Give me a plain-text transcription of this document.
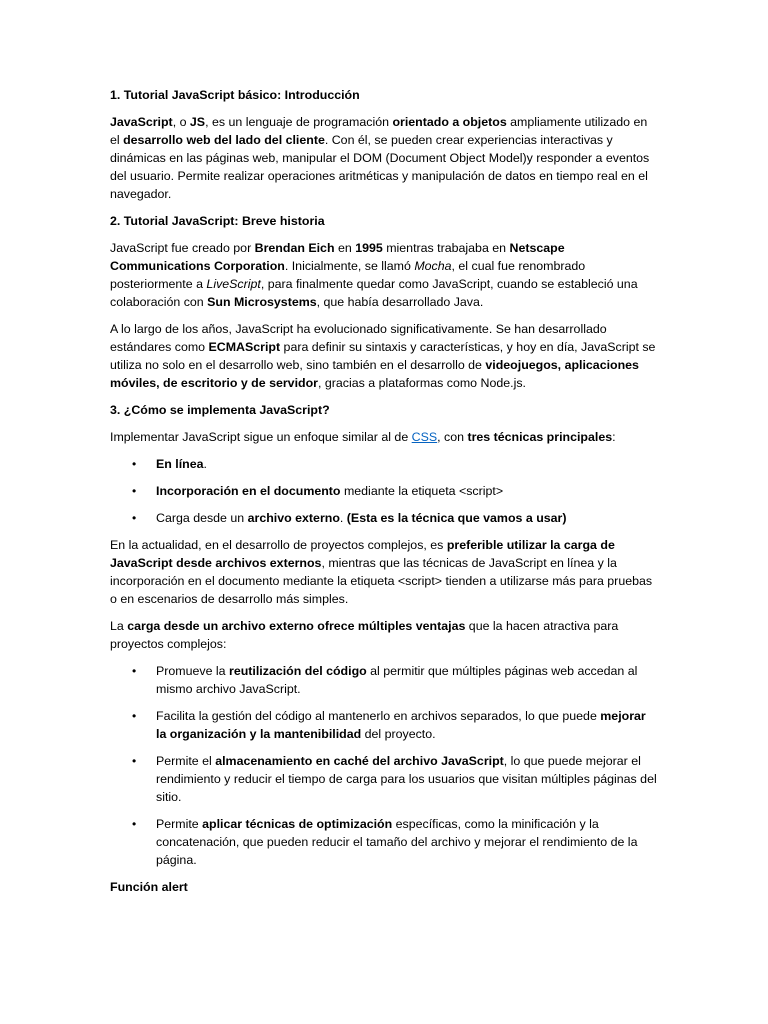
1. Tutorial JavaScript básico: Introducción
JavaScript, o JS, es un lenguaje de programación orientado a objetos ampliamente utilizado en el desarrollo web del lado del cliente. Con él, se pueden crear experiencias interactivas y dinámicas en las páginas web, manipular el DOM (Document Object Model)y responder a eventos del usuario. Permite realizar operaciones aritméticas y manipulación de datos en tiempo real en el navegador.
2. Tutorial JavaScript: Breve historia
JavaScript fue creado por Brendan Eich en 1995 mientras trabajaba en Netscape Communications Corporation. Inicialmente, se llamó Mocha, el cual fue renombrado posteriormente a LiveScript, para finalmente quedar como JavaScript, cuando se estableció una colaboración con Sun Microsystems, que había desarrollado Java.
A lo largo de los años, JavaScript ha evolucionado significativamente. Se han desarrollado estándares como ECMAScript para definir su sintaxis y características, y hoy en día, JavaScript se utiliza no solo en el desarrollo web, sino también en el desarrollo de videojuegos, aplicaciones móviles, de escritorio y de servidor, gracias a plataformas como Node.js.
3. ¿Cómo se implementa JavaScript?
Implementar JavaScript sigue un enfoque similar al de CSS, con tres técnicas principales:
• En línea.
• Incorporación en el documento mediante la etiqueta <script>
• Carga desde un archivo externo. (Esta es la técnica que vamos a usar)
En la actualidad, en el desarrollo de proyectos complejos, es preferible utilizar la carga de JavaScript desde archivos externos, mientras que las técnicas de JavaScript en línea y la incorporación en el documento mediante la etiqueta <script> tienden a utilizarse más para pruebas o en escenarios de desarrollo más simples.
La carga desde un archivo externo ofrece múltiples ventajas que la hacen atractiva para proyectos complejos:
• Promueve la reutilización del código al permitir que múltiples páginas web accedan al mismo archivo JavaScript.
• Facilita la gestión del código al mantenerlo en archivos separados, lo que puede mejorar la organización y la mantenibilidad del proyecto.
• Permite el almacenamiento en caché del archivo JavaScript, lo que puede mejorar el rendimiento y reducir el tiempo de carga para los usuarios que visitan múltiples páginas del sitio.
• Permite aplicar técnicas de optimización específicas, como la minificación y la concatenación, que pueden reducir el tamaño del archivo y mejorar el rendimiento de la página.
Función alert
